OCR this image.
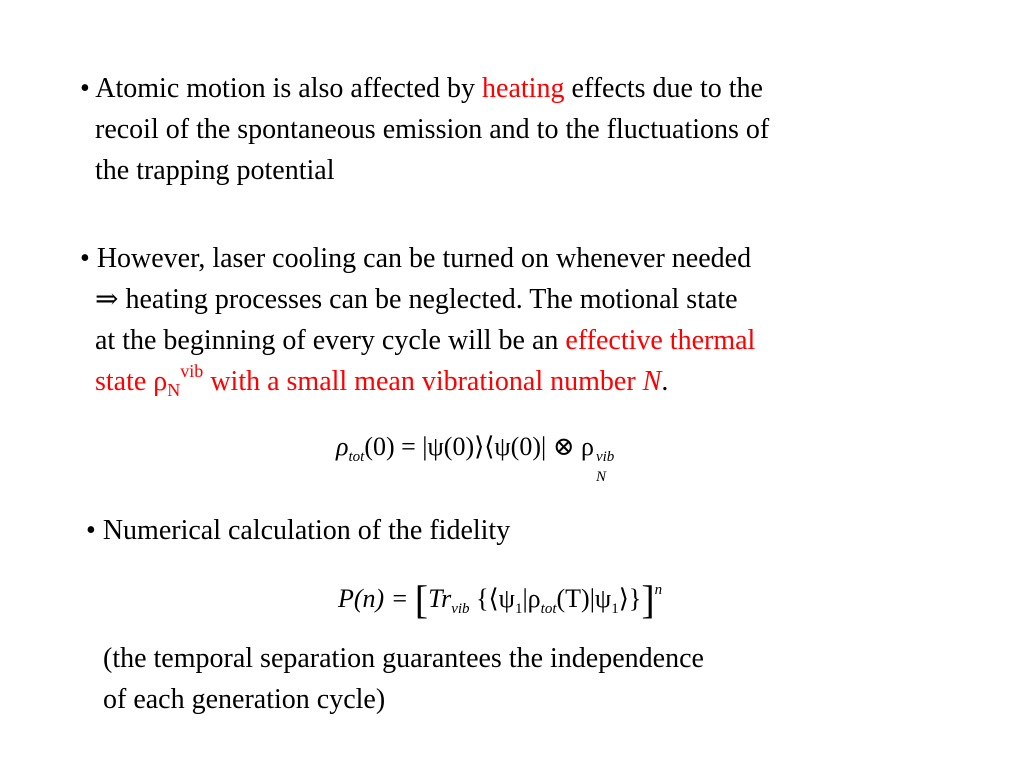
• Atomic motion is also affected by heating effects due to the
recoil of the spontaneous emission and to the fluctuations of
the trapping potential
• However, laser cooling can be turned on whenever needed
⇒ heating processes can be neglected. The motional state
at the beginning of every cycle will be an effective thermal
state $\rho_N^{vib}$ with a small mean vibrational number N.
$\rho_{tot}(0)$ = |ψ(0)⟩⟨ψ(0)| ⊗ ρ vib
N
• Numerical calculation of the fidelity
$P(n) = [Tr_{vib}$ $\{⟨\psi_1|\rho_{tot}(T)|\psi_1⟩\}]^n$
(the temporal separation guarantees the independence
of each generation cycle)
